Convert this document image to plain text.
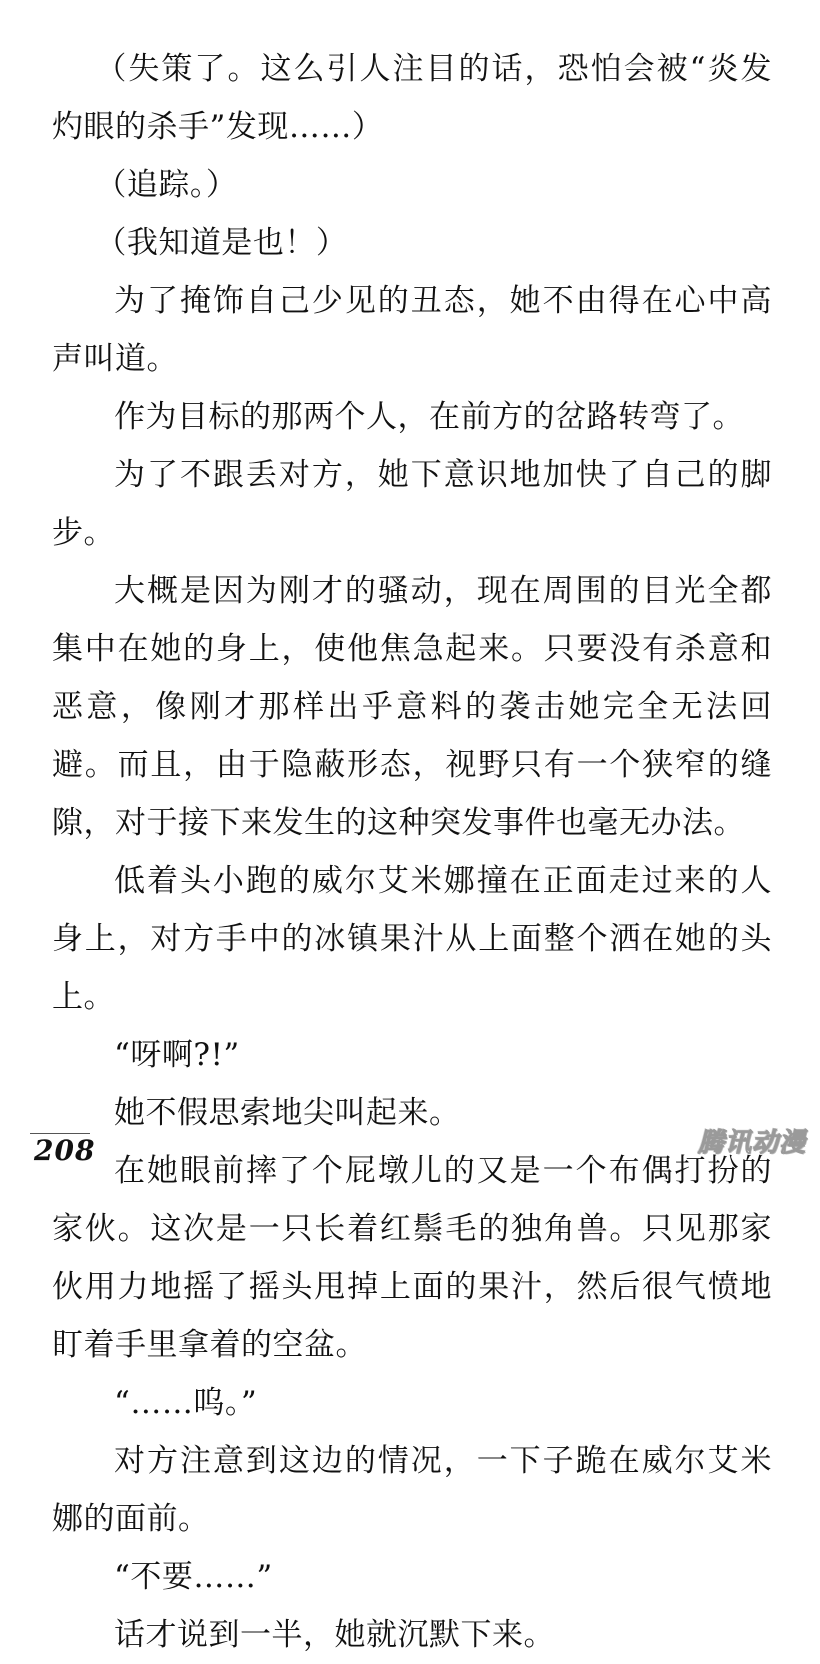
（失策了。这么引人注目的话，恐怕会被“炎发灼眼的杀手”发现……）

（追踪。）

（我知道是也！）

为了掩饰自己少见的丑态，她不由得在心中高声叫道。

作为目标的那两个人，在前方的岔路转弯了。

为了不跟丢对方，她下意识地加快了自己的脚步。

大概是因为刚才的骚动，现在周围的目光全都集中在她的身上，使他焦急起来。只要没有杀意和恶意，像刚才那样出乎意料的袭击她完全无法回避。而且，由于隐蔽形态，视野只有一个狭窄的缝隙，对于接下来发生的这种突发事件也毫无办法。

低着头小跑的威尔艾米娜撞在正面走过来的人身上，对方手中的冰镇果汁从上面整个洒在她的头上。

“呀啊?!”

她不假思索地尖叫起来。

在她眼前摔了个屁墩儿的又是一个布偶打扮的家伙。这次是一只长着红鬃毛的独角兽。只见那家伙用力地摇了摇头甩掉上面的果汁，然后很气愤地盯着手里拿着的空盆。

“……呜。”

对方注意到这边的情况，一下子跪在威尔艾米娜的面前。

“不要……”

话才说到一半，她就沉默下来。

208	腾讯动漫
